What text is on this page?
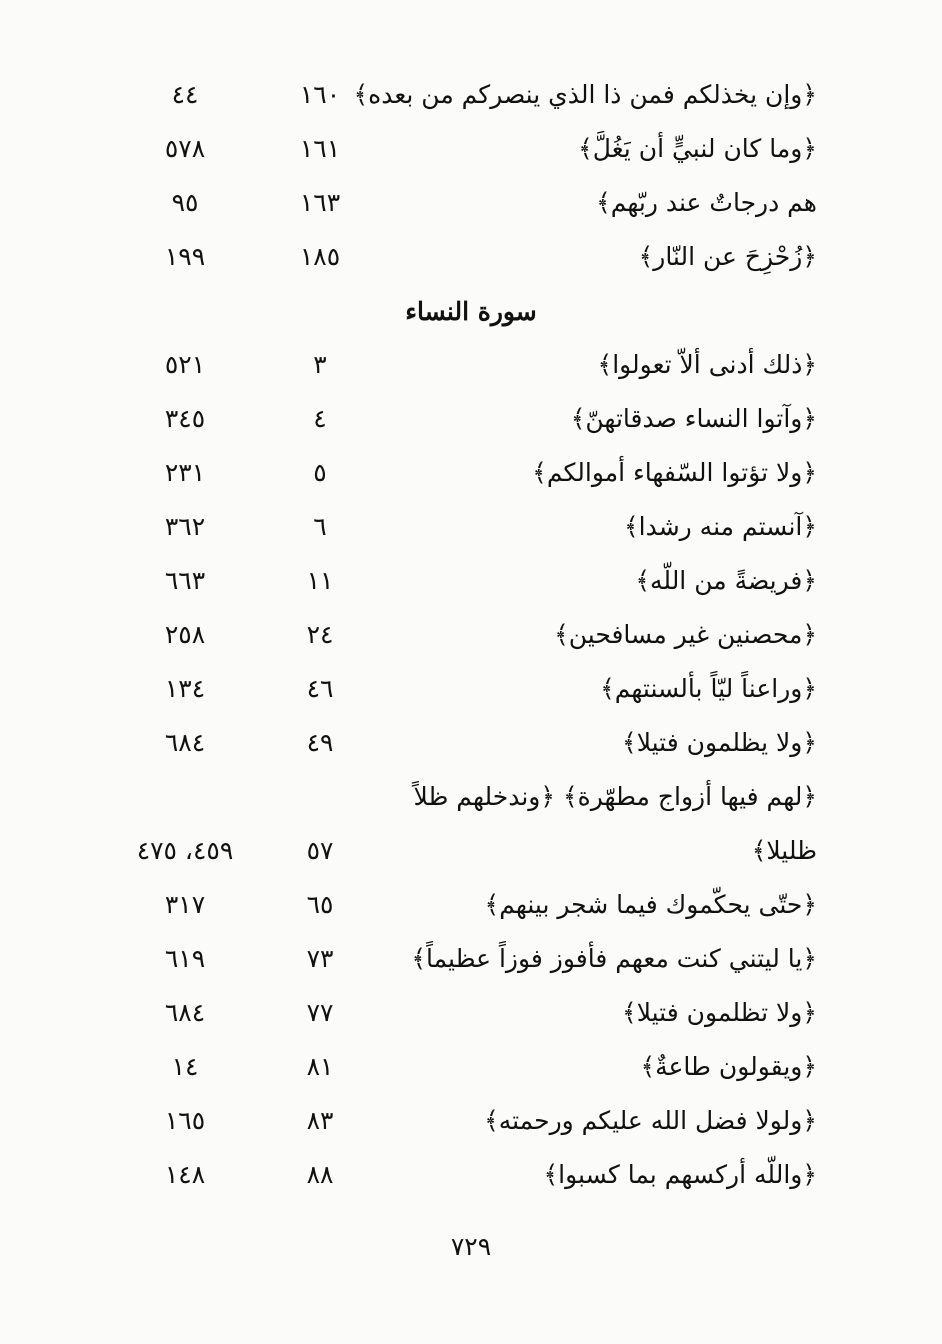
﴿وإن يخذلكم فمن ذا الذي ينصركم من بعده﴾
١٦٠
٤٤
﴿وما كان لنبيٍّ أن يَغُلَّ﴾
١٦١
٥٧٨
هم درجاتٌ عند ربّهم﴾
١٦٣
٩٥
﴿زُحْزِحَ عن النّار﴾
١٨٥
١٩٩
سورة النساء
﴿ذلك أدنى ألاّ تعولوا﴾
٣
٥٢١
﴿وآتوا النساء صدقاتهنّ﴾
٤
٣٤٥
﴿ولا تؤتوا السّفهاء أموالكم﴾
٥
٢٣١
﴿آنستم منه رشدا﴾
٦
٣٦٢
﴿فريضةً من اللّه﴾
١١
٦٦٣
﴿محصنين غير مسافحين﴾
٢٤
٢٥٨
﴿وراعناً ليّاً بألسنتهم﴾
٤٦
١٣٤
﴿ولا يظلمون فتيلا﴾
٤٩
٦٨٤
﴿لهم فيها أزواج مطهّرة﴾ ﴿وندخلهم ظلاً
ظليلا﴾
٥٧
٤٥٩، ٤٧٥
﴿حتّى يحكّموك فيما شجر بينهم﴾
٦٥
٣١٧
﴿يا ليتني كنت معهم فأفوز فوزاً عظيماً﴾
٧٣
٦١٩
﴿ولا تظلمون فتيلا﴾
٧٧
٦٨٤
﴿ويقولون طاعةٌ﴾
٨١
١٤
﴿ولولا فضل الله عليكم ورحمته﴾
٨٣
١٦٥
﴿واللّه أركسهم بما كسبوا﴾
٨٨
١٤٨
٧٢٩
